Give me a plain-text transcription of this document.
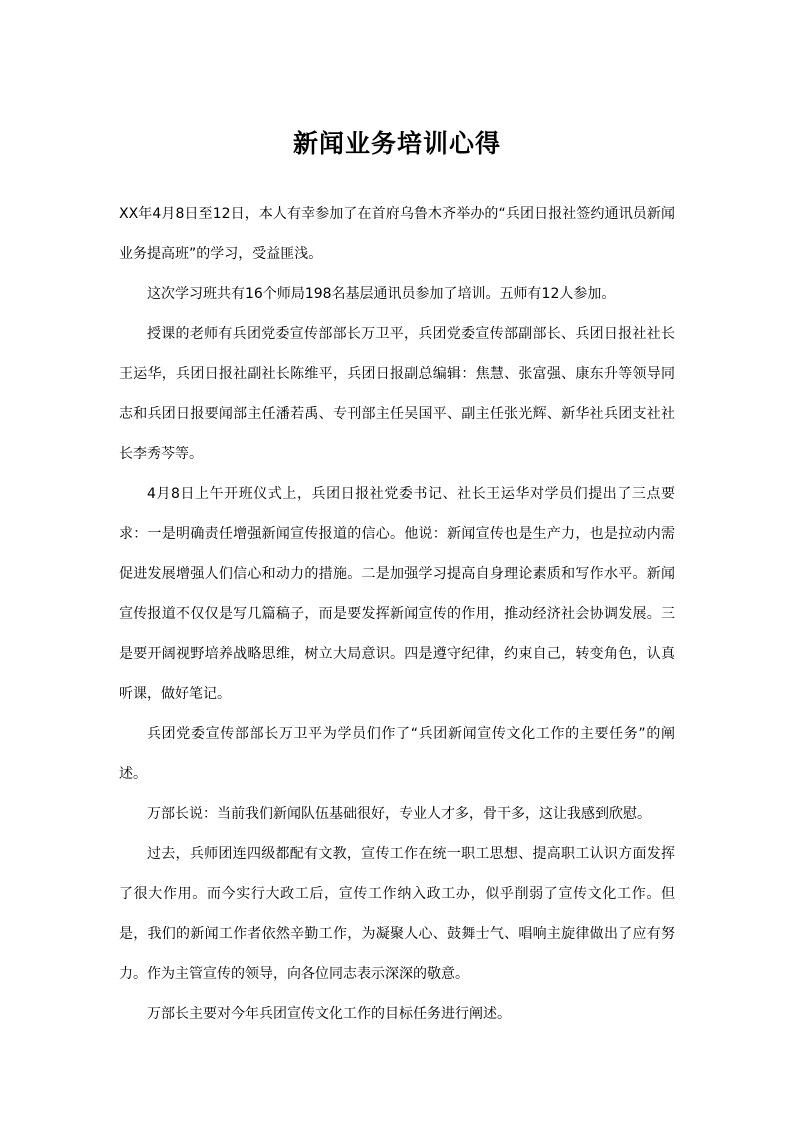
新闻业务培训心得

XX年4月8日至12日，本人有幸参加了在首府乌鲁木齐举办的“兵团日报社签约通讯员新闻业务提高班”的学习，受益匪浅。

这次学习班共有16个师局198名基层通讯员参加了培训。五师有12人参加。

授课的老师有兵团党委宣传部部长万卫平，兵团党委宣传部副部长、兵团日报社社长王运华，兵团日报社副社长陈维平，兵团日报副总编辑：焦慧、张富强、康东升等领导同志和兵团日报要闻部主任潘若禹、专刊部主任吴国平、副主任张光辉、新华社兵团支社社长李秀芩等。

4月8日上午开班仪式上，兵团日报社党委书记、社长王运华对学员们提出了三点要求：一是明确责任增强新闻宣传报道的信心。他说：新闻宣传也是生产力，也是拉动内需促进发展增强人们信心和动力的措施。二是加强学习提高自身理论素质和写作水平。新闻宣传报道不仅仅是写几篇稿子，而是要发挥新闻宣传的作用，推动经济社会协调发展。三是要开阔视野培养战略思维，树立大局意识。四是遵守纪律，约束自己，转变角色，认真听课，做好笔记。

兵团党委宣传部部长万卫平为学员们作了“兵团新闻宣传文化工作的主要任务”的阐述。

万部长说：当前我们新闻队伍基础很好，专业人才多，骨干多，这让我感到欣慰。

过去，兵师团连四级都配有文教，宣传工作在统一职工思想、提高职工认识方面发挥了很大作用。而今实行大政工后，宣传工作纳入政工办，似乎削弱了宣传文化工作。但是，我们的新闻工作者依然辛勤工作，为凝聚人心、鼓舞士气、唱响主旋律做出了应有努力。作为主管宣传的领导，向各位同志表示深深的敬意。

万部长主要对今年兵团宣传文化工作的目标任务进行阐述。
